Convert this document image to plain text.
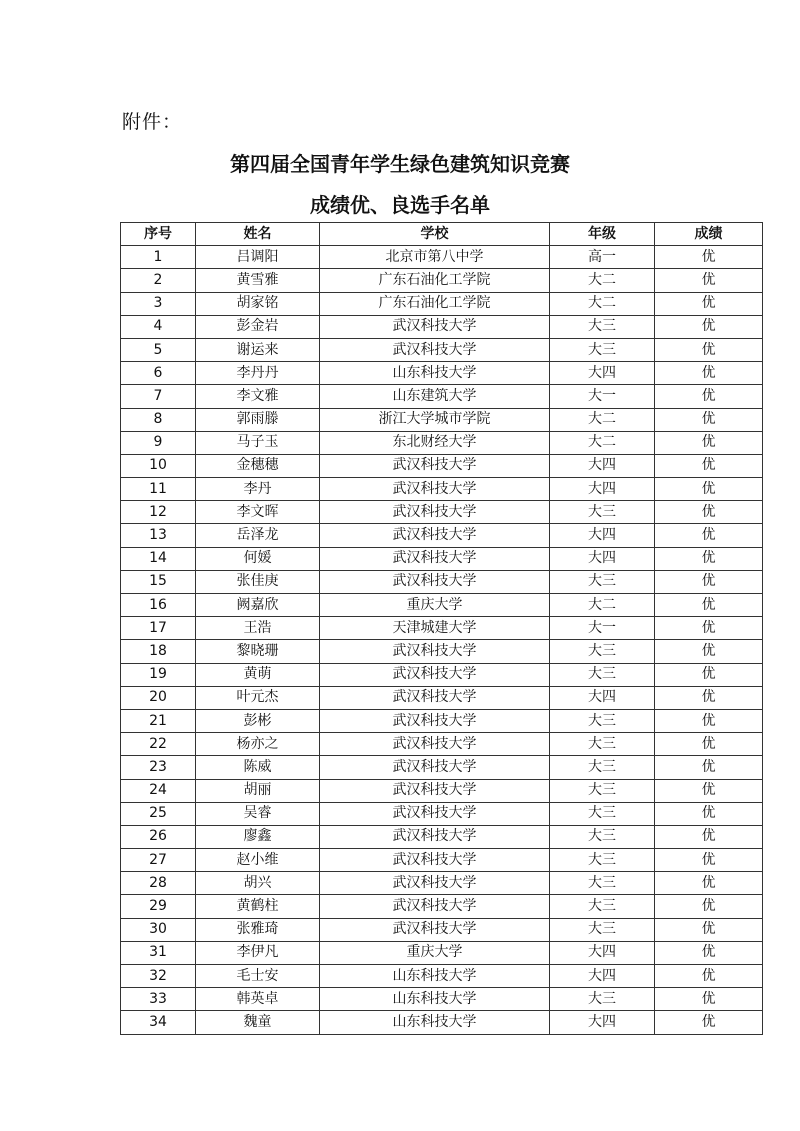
附件：
第四届全国青年学生绿色建筑知识竞赛
成绩优、良选手名单
序号	姓名	学校	年级	成绩
1	吕调阳	北京市第八中学	高一	优
2	黄雪雅	广东石油化工学院	大二	优
3	胡家铭	广东石油化工学院	大二	优
4	彭金岩	武汉科技大学	大三	优
5	谢运来	武汉科技大学	大三	优
6	李丹丹	山东科技大学	大四	优
7	李文雅	山东建筑大学	大一	优
8	郭雨滕	浙江大学城市学院	大二	优
9	马子玉	东北财经大学	大二	优
10	金穗穗	武汉科技大学	大四	优
11	李丹	武汉科技大学	大四	优
12	李文晖	武汉科技大学	大三	优
13	岳泽龙	武汉科技大学	大四	优
14	何媛	武汉科技大学	大四	优
15	张佳庚	武汉科技大学	大三	优
16	阙嘉欣	重庆大学	大二	优
17	王浩	天津城建大学	大一	优
18	黎晓珊	武汉科技大学	大三	优
19	黄萌	武汉科技大学	大三	优
20	叶元杰	武汉科技大学	大四	优
21	彭彬	武汉科技大学	大三	优
22	杨亦之	武汉科技大学	大三	优
23	陈威	武汉科技大学	大三	优
24	胡丽	武汉科技大学	大三	优
25	吴睿	武汉科技大学	大三	优
26	廖鑫	武汉科技大学	大三	优
27	赵小维	武汉科技大学	大三	优
28	胡兴	武汉科技大学	大三	优
29	黄鹤柱	武汉科技大学	大三	优
30	张雅琦	武汉科技大学	大三	优
31	李伊凡	重庆大学	大四	优
32	毛士安	山东科技大学	大四	优
33	韩英卓	山东科技大学	大三	优
34	魏童	山东科技大学	大四	优
